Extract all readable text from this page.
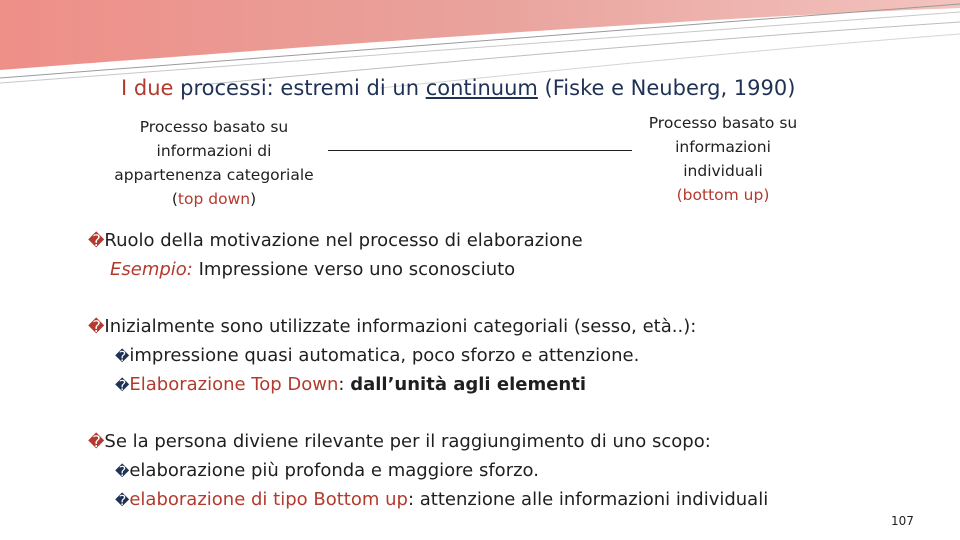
I due processi: estremi di un continuum (Fiske e Neuberg, 1990)
Processo basato su
informazioni di
appartenenza categoriale
(top down)
Processo basato su
informazioni
individuali
(bottom up)
�Ruolo della motivazione nel processo di elaborazione
Esempio: Impressione verso uno sconosciuto
�Inizialmente sono utilizzate informazioni categoriali (sesso, età..):
�impressione quasi automatica, poco sforzo e attenzione.
�Elaborazione Top Down: dall’unità agli elementi
�Se la persona diviene rilevante per il raggiungimento di uno scopo:
�elaborazione più profonda e maggiore sforzo.
�elaborazione di tipo Bottom up: attenzione alle informazioni individuali
107
